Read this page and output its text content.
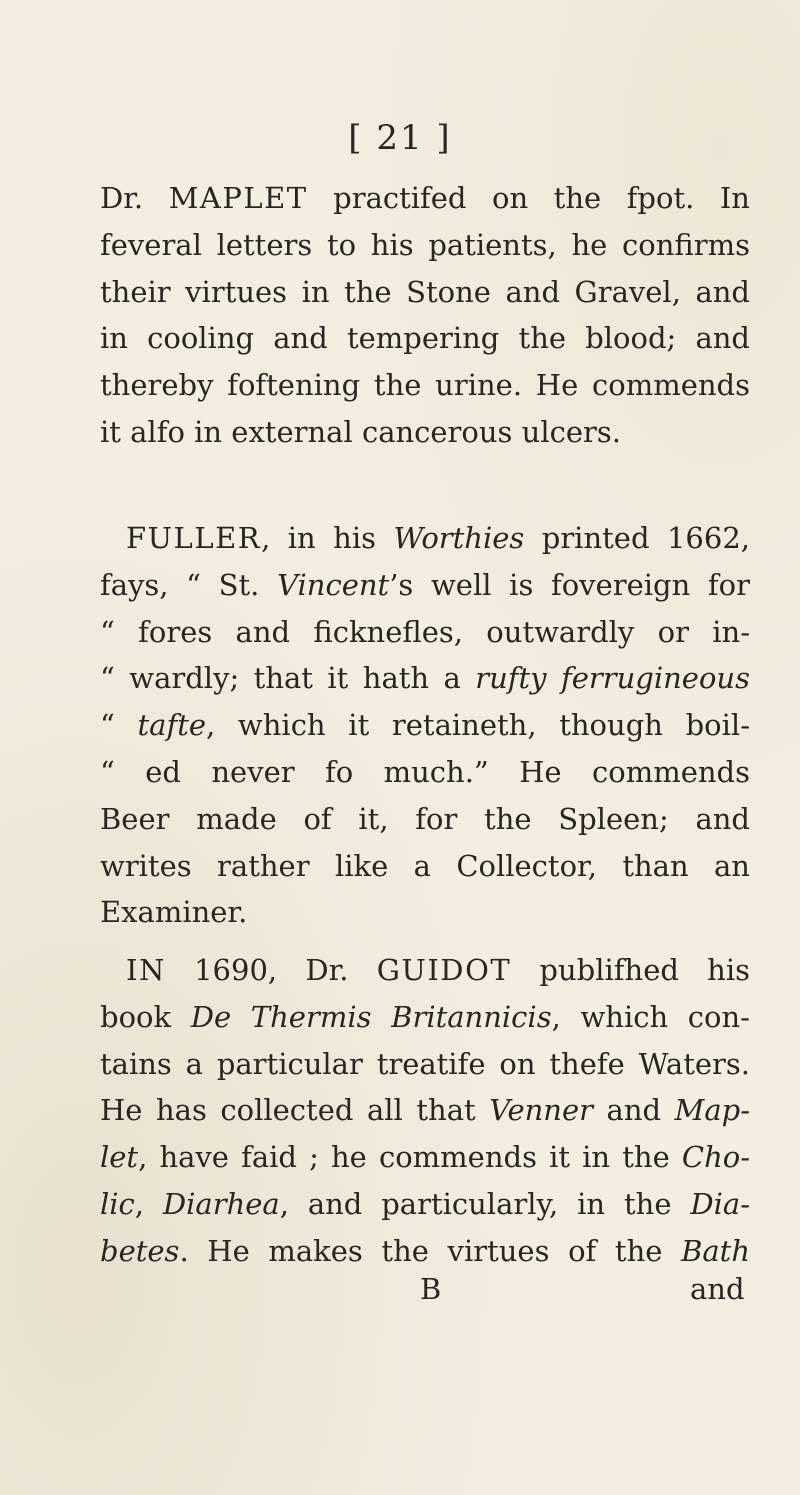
[ 21 ]
Dr. MAPLET practifed on the fpot. In
feveral letters to his patients, he confirms
their virtues in the Stone and Gravel, and
in cooling and tempering the blood; and
thereby foftening the urine. He commends
it alfo in external cancerous ulcers.
FULLER, in his Worthies printed 1662,
fays, “ St. Vincent’s well is fovereign for
“ fores and ficknefles, outwardly or in-
“ wardly; that it hath a rufty ferrugineous
“ tafte, which it retaineth, though boil-
“ ed never fo much.” He commends
Beer made of it, for the Spleen; and
writes rather like a Collector, than an
Examiner.
IN 1690, Dr. GUIDOT publifhed his
book De Thermis Britannicis, which con-
tains a particular treatife on thefe Waters.
He has collected all that Venner and Map-
let, have faid ; he commends it in the Cho-
lic, Diarhea, and particularly, in the Dia-
betes. He makes the virtues of the Bath
B	and
